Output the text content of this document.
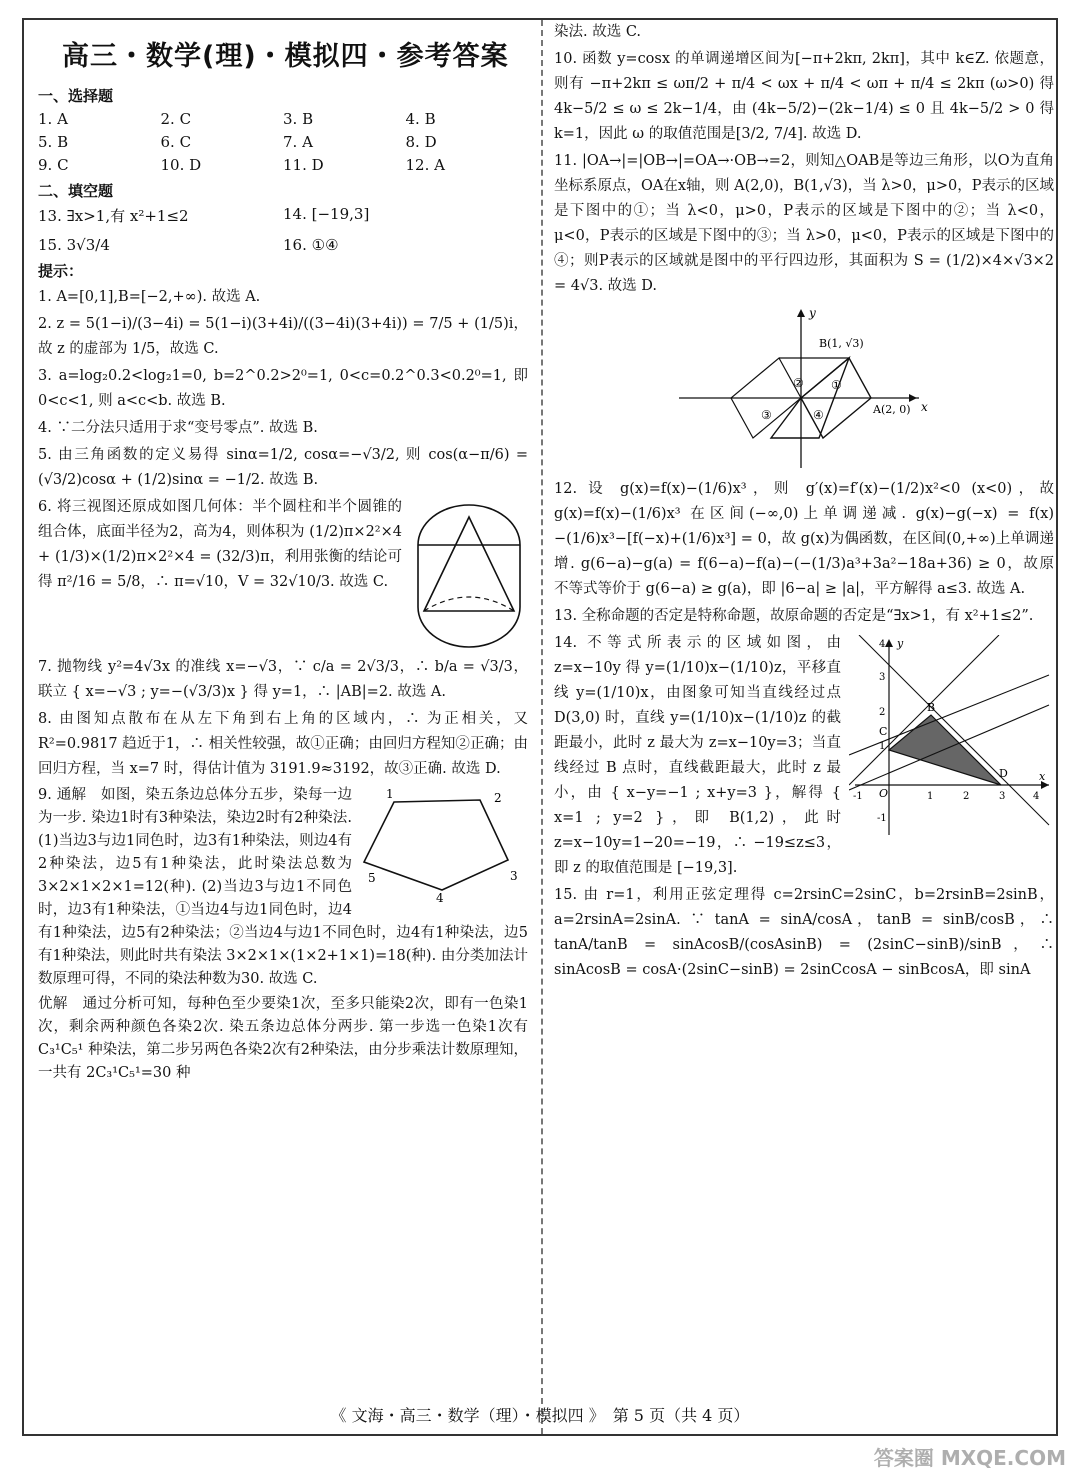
高三・数学(理)・模拟四・参考答案
一、选择题
1. A	2. C	3. B	4. B
5. B	6. C	7. A	8. D
9. C	10. D	11. D	12. A
二、填空题
13. ∃x>1,有 x²+1≤2	14. [−19,3]
15. 3√3/4	16. ①④
提示：

1. A=[0,1],B=[−2,+∞). 故选 A.

2. z = 5(1−i)/(3−4i) = 5(1−i)(3+4i)/((3−4i)(3+4i)) = 7/5 + (1/5)i，故 z 的虚部为 1/5，故选 C.

3. a=log₂0.2<log₂1=0, b=2^0.2>2⁰=1, 0<c=0.2^0.3<0.2⁰=1, 即 0<c<1, 则 a<c<b. 故选 B.

4. ∵二分法只适用于求“变号零点”. 故选 B.

5. 由三角函数的定义易得 sinα=1/2, cosα=−√3/2, 则 cos(α−π/6) = (√3/2)cosα + (1/2)sinα = −1/2. 故选 B.

6. 将三视图还原成如图几何体：半个圆柱和半个圆锥的组合体，底面半径为2，高为4，则体积为 (1/2)π×2²×4 + (1/3)×(1/2)π×2²×4 = (32/3)π，利用张衡的结论可得 π²/16 = 5/8，∴ π=√10，V = 32√10/3. 故选 C.

7. 抛物线 y²=4√3x 的准线 x=−√3，∵ c/a = 2√3/3，∴ b/a = √3/3，联立 { x=−√3 ; y=−(√3/3)x } 得 y=1，∴ |AB|=2. 故选 A.

8. 由图知点散布在从左下角到右上角的区域内，∴ 为正相关，又 R²=0.9817 趋近于1，∴ 相关性较强，故①正确；由回归方程知②正确；由回归方程，当 x=7 时，得估计值为 3191.9≈3192，故③正确. 故选 D.

1	2
3
4
5

9. 通解　如图，染五条边总体分五步，染每一边为一步. 染边1时有3种染法，染边2时有2种染法. (1)当边3与边1同色时，边3有1种染法，则边4有2种染法，边5有1种染法，此时染法总数为 3×2×1×2×1=12(种). (2)当边3与边1不同色时，边3有1种染法，①当边4与边1同色时，边4有1种染法，边5有2种染法；②当边4与边1不同色时，边4有1种染法，边5有1种染法，则此时共有染法 3×2×1×(1×2+1×1)=18(种). 由分类加法计数原理可得，不同的染法种数为30. 故选 C.

优解　通过分析可知，每种色至少要染1次，至多只能染2次，即有一色染1次，剩余两种颜色各染2次. 染五条边总体分两步. 第一步选一色染1次有 C₃¹C₅¹ 种染法，第二步另两色各染2次有2种染法，由分步乘法计数原理知，一共有 2C₃¹C₅¹=30 种

染法. 故选 C.

10. 函数 y=cosx 的单调递增区间为[−π+2kπ, 2kπ]，其中 k∈Z. 依题意，则有 −π+2kπ ≤ ωπ/2 + π/4 < ωx + π/4 < ωπ + π/4 ≤ 2kπ (ω>0) 得 4k−5/2 ≤ ω ≤ 2k−1/4，由 (4k−5/2)−(2k−1/4) ≤ 0 且 4k−5/2 > 0 得 k=1，因此 ω 的取值范围是[3/2, 7/4]. 故选 D.

11. |OA→|=|OB→|=OA→·OB→=2，则知△OAB是等边三角形，以O为直角坐标系原点，OA在x轴，则 A(2,0)，B(1,√3)，当 λ>0，μ>0，P表示的区域是下图中的①；当 λ<0，μ>0，P表示的区域是下图中的②；当 λ<0，μ<0，P表示的区域是下图中的③；当 λ>0，μ<0，P表示的区域是下图中的④；则P表示的区域就是图中的平行四边形，其面积为 S = (1/2)×4×√3×2 = 4√3. 故选 D.

y
x
B(1, √3)
A(2, 0)
①
②
③	④

12. 设 g(x)=f(x)−(1/6)x³，则 g′(x)=f′(x)−(1/2)x²<0 (x<0)，故 g(x)=f(x)−(1/6)x³ 在区间(−∞,0)上单调递减. g(x)−g(−x) = f(x)−(1/6)x³−[f(−x)+(1/6)x³] = 0，故 g(x)为偶函数，在区间(0,+∞)上单调递增. g(6−a)−g(a) = f(6−a)−f(a)−(−(1/3)a³+3a²−18a+36) ≥ 0，故原不等式等价于 g(6−a) ≥ g(a)，即 |6−a| ≥ |a|，平方解得 a≤3. 故选 A.

13. 全称命题的否定是特称命题，故原命题的否定是“∃x>1，有 x²+1≤2”.

y
x
4
3
2
1
-1
-1	1	2	3	4
B
C
D
O

14. 不等式所表示的区域如图，由 z=x−10y 得 y=(1/10)x−(1/10)z，平移直线 y=(1/10)x，由图象可知当直线经过点 D(3,0) 时，直线 y=(1/10)x−(1/10)z 的截距最小，此时 z 最大为 z=x−10y=3；当直线经过 B 点时，直线截距最大，此时 z 最小，由 { x−y=−1 ; x+y=3 }，解得 { x=1 ; y=2 }，即 B(1,2)，此时 z=x−10y=1−20=−19，∴ −19≤z≤3，即 z 的取值范围是 [−19,3].

15. 由 r=1，利用正弦定理得 c=2rsinC=2sinC，b=2rsinB=2sinB，a=2rsinA=2sinA. ∵ tanA = sinA/cosA，tanB = sinB/cosB，∴ tanA/tanB = sinAcosB/(cosAsinB) = (2sinC−sinB)/sinB，∴ sinAcosB = cosA·(2sinC−sinB) = 2sinCcosA − sinBcosA，即 sinA

《 文海・高三・数学（理）・模拟四 》　第 5 页（共 4 页）
答案圈 MXQE.COM
